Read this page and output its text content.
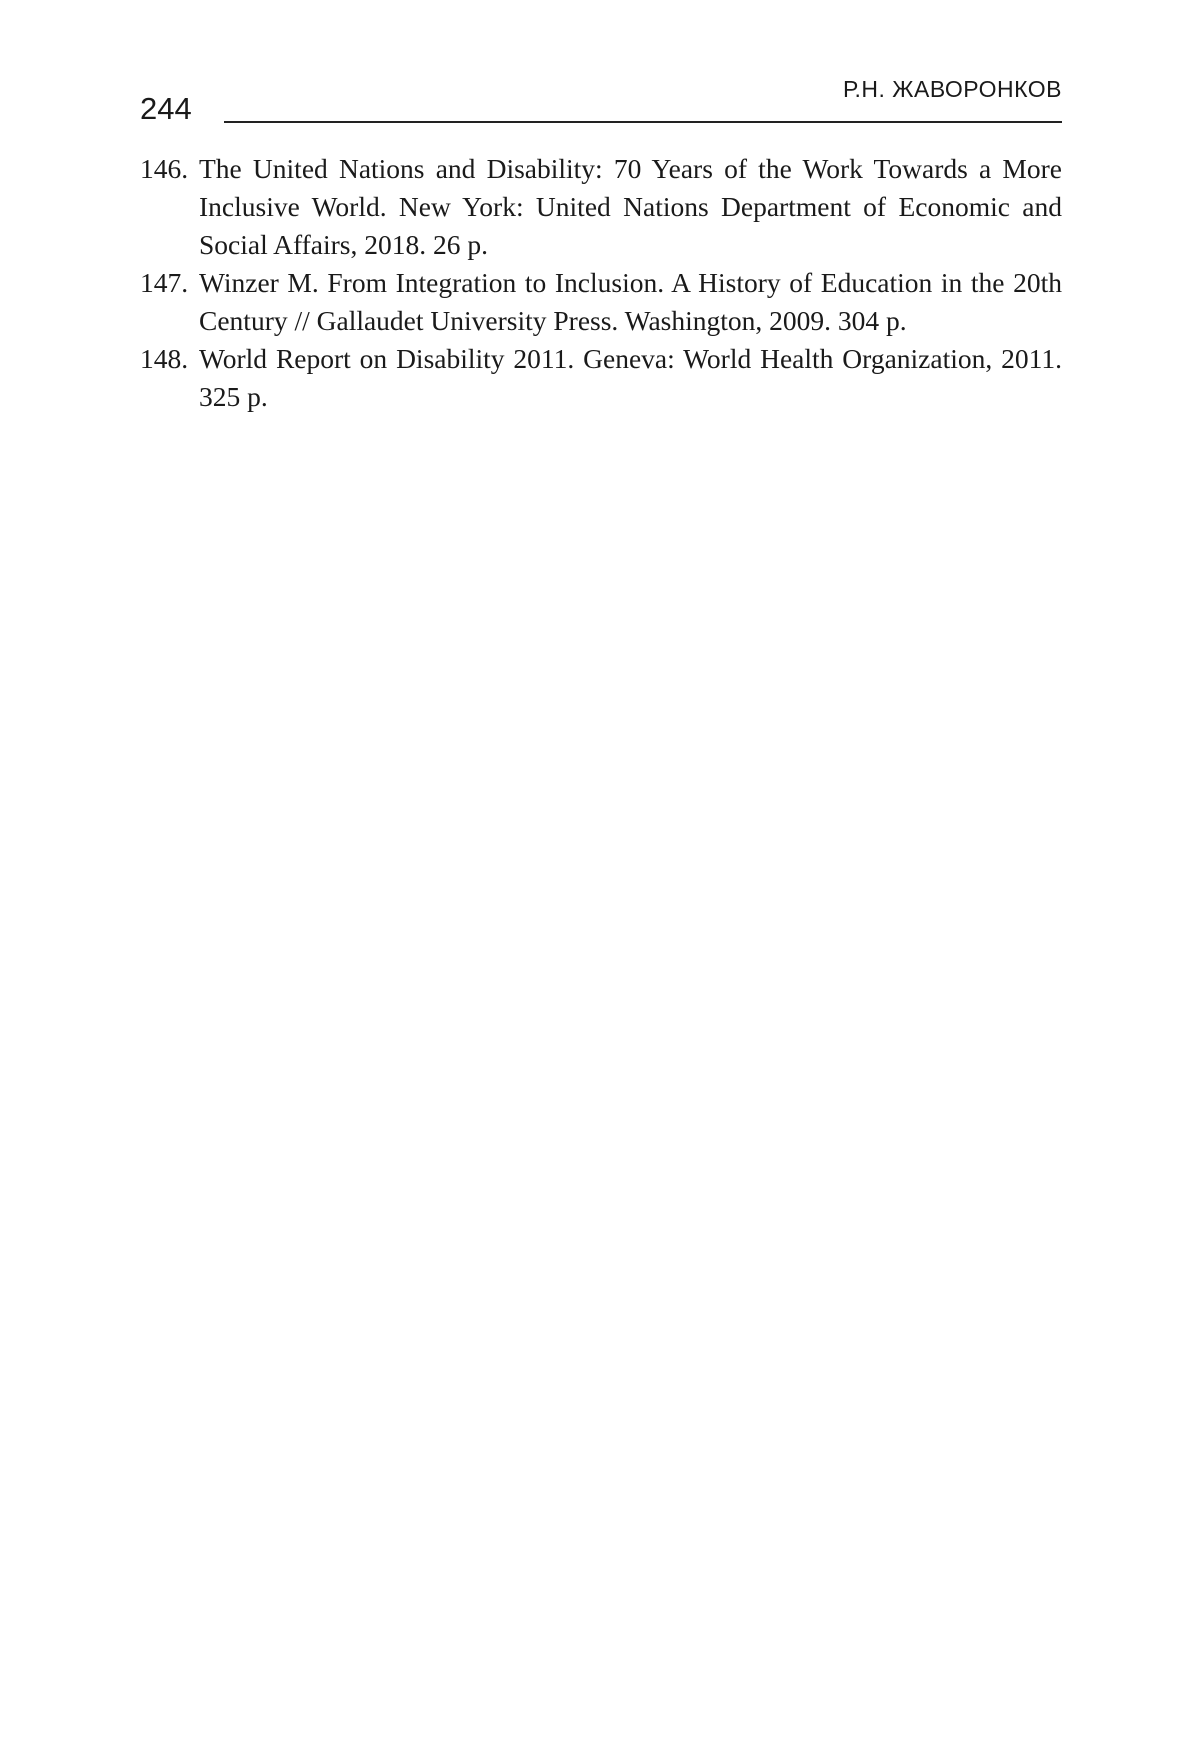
244
Р.Н. ЖАВОРОНКОВ
146. The United Nations and Disability: 70 Years of the Work Towards a More Inclusive World. New York: United Nations Department of Economic and Social Affairs, 2018. 26 p.
147. Winzer M. From Integration to Inclusion. A History of Education in the 20th Century // Gallaudet University Press. Washington, 2009. 304 p.
148. World Report on Disability 2011. Geneva: World Health Organization, 2011. 325 p.
